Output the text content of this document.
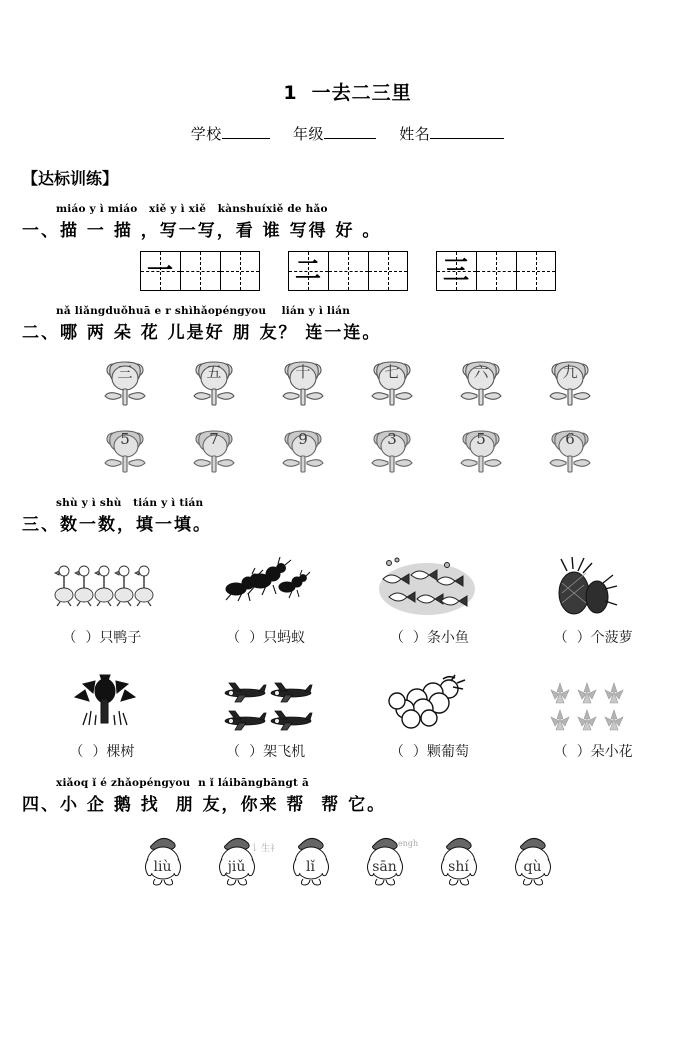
1 一去二三里
学校	年级	姓名
【达标训练】
miáo y ì miáo   xiě y ì xiě   kànshuíxiě de hǎo
一、描 一 描 ，写一写，看 谁 写得 好 。
一	二	三
nǎ liǎngduǒhuā e r shìhǎopéngyou    lián y ì lián
二、哪 两 朵 花 儿是好 朋 友？ 连一连。
三	五	十	七	六	九
5	7	9	3	5	6
shù y ì shù   tián y ì tián
三、数一数，填一填。
（  ）只鸭子	（  ）只蚂蚁	（  ）条小鱼	（  ）个菠萝
（  ）棵树	（  ）架飞机	（  ）颗葡萄	（  ）朵小花
xiǎoq ǐ é zhǎopéngyou  n ǐ láibāngbāngt ā
四、小 企 鹅 找  朋 友，你来 帮  帮 它。
讠生礻
engh
liù	jiǔ	lǐ	sān	shí	qù
